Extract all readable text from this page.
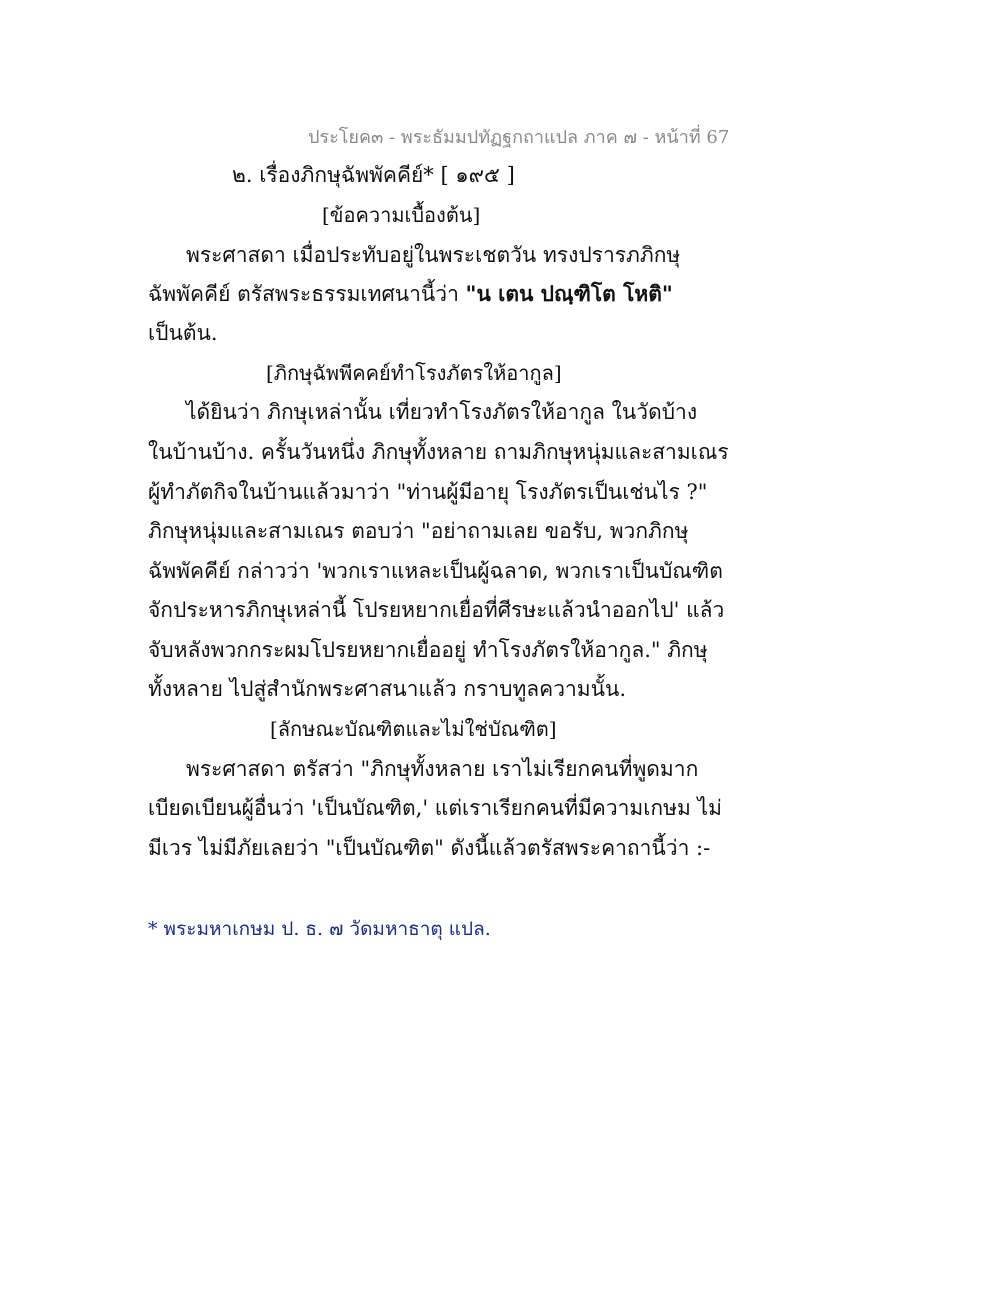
ประโยค๓ - พระธัมมปทัฏฐกถาแปล ภาค ๗ - หน้าที่ 67
๒. เรื่องภิกษุฉัพพัคคีย์* [ ๑๙๕ ]
[ข้อความเบื้องต้น]
พระศาสดา เมื่อประทับอยู่ในพระเชตวัน ทรงปรารภภิกษุ
ฉัพพัคคีย์ ตรัสพระธรรมเทศนานี้ว่า "น เตน ปณฺฑิโต โหติ"
เป็นต้น.
[ภิกษุฉัพพีคคย์ทำโรงภัตรให้อากูล]
ได้ยินว่า ภิกษุเหล่านั้น เที่ยวทำโรงภัตรให้อากูล ในวัดบ้าง
ในบ้านบ้าง. ครั้นวันหนึ่ง ภิกษุทั้งหลาย ถามภิกษุหนุ่มและสามเณร
ผู้ทำภัตกิจในบ้านแล้วมาว่า "ท่านผู้มีอายุ โรงภัตรเป็นเช่นไร ?"
ภิกษุหนุ่มและสามเณร ตอบว่า "อย่าถามเลย ขอรับ, พวกภิกษุ
ฉัพพัคคีย์ กล่าวว่า 'พวกเราแหละเป็นผู้ฉลาด, พวกเราเป็นบัณฑิต
จักประหารภิกษุเหล่านี้ โปรยหยากเยื่อที่ศีรษะแล้วนำออกไป' แล้ว
จับหลังพวกกระผมโปรยหยากเยื่ออยู่ ทำโรงภัตรให้อากูล." ภิกษุ
ทั้งหลาย ไปสู่สำนักพระศาสนาแล้ว กราบทูลความนั้น.
[ลักษณะบัณฑิตและไม่ใช่บัณฑิต]
พระศาสดา ตรัสว่า "ภิกษุทั้งหลาย เราไม่เรียกคนที่พูดมาก
เบียดเบียนผู้อื่นว่า 'เป็นบัณฑิต,' แต่เราเรียกคนที่มีความเกษม ไม่
มีเวร ไม่มีภัยเลยว่า "เป็นบัณฑิต" ดังนี้แล้วตรัสพระคาถานี้ว่า :-
* พระมหาเกษม ป. ธ. ๗ วัดมหาธาตุ แปล.
